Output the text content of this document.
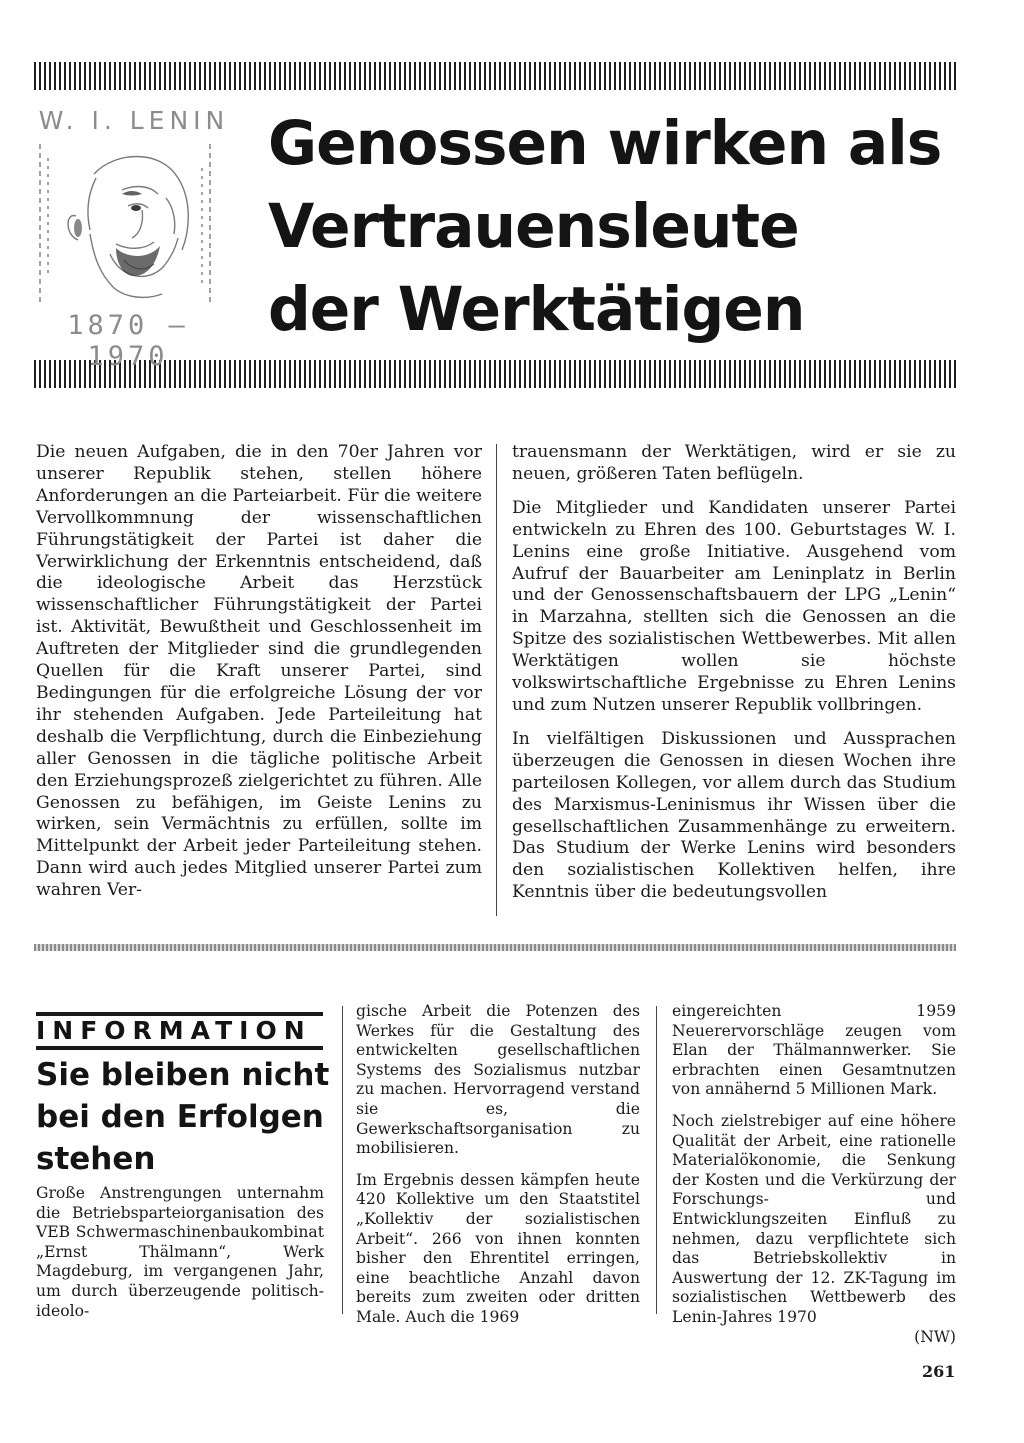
W. I. LENIN
1870 – 1970
Genossen wirken als
Vertrauensleute
der Werktätigen

Die neuen Aufgaben, die in den 70er Jahren vor unserer Republik stehen, stellen höhere Anforderungen an die Parteiarbeit. Für die weitere Vervollkommnung der wissenschaftlichen Führungstätigkeit der Partei ist daher die Verwirklichung der Erkenntnis entscheidend, daß die ideologische Arbeit das Herzstück wissenschaftlicher Führungstätigkeit der Partei ist. Aktivität, Bewußtheit und Geschlossenheit im Auftreten der Mitglieder sind die grundlegenden Quellen für die Kraft unserer Partei, sind Bedingungen für die erfolgreiche Lösung der vor ihr stehenden Aufgaben. Jede Parteileitung hat deshalb die Verpflichtung, durch die Einbeziehung aller Genossen in die tägliche politische Arbeit den Erziehungsprozeß zielgerichtet zu führen. Alle Genossen zu befähigen, im Geiste Lenins zu wirken, sein Vermächtnis zu erfüllen, sollte im Mittelpunkt der Arbeit jeder Parteileitung stehen. Dann wird auch jedes Mitglied unserer Partei zum wahren Ver-

trauensmann der Werktätigen, wird er sie zu neuen, größeren Taten beflügeln.

Die Mitglieder und Kandidaten unserer Partei entwickeln zu Ehren des 100. Geburtstages W. I. Lenins eine große Initiative. Ausgehend vom Aufruf der Bauarbeiter am Leninplatz in Berlin und der Genossenschaftsbauern der LPG „Lenin“ in Marzahna, stellten sich die Genossen an die Spitze des sozialistischen Wettbewerbes. Mit allen Werktätigen wollen sie höchste volkswirtschaftliche Ergebnisse zu Ehren Lenins und zum Nutzen unserer Republik vollbringen.

In vielfältigen Diskussionen und Aussprachen überzeugen die Genossen in diesen Wochen ihre parteilosen Kollegen, vor allem durch das Studium des Marxismus-Leninismus ihr Wissen über die gesellschaftlichen Zusammenhänge zu erweitern. Das Studium der Werke Lenins wird besonders den sozialistischen Kollektiven helfen, ihre Kenntnis über die bedeutungsvollen

INFORMATION
Sie bleiben nicht bei den Erfolgen stehen

Große Anstrengungen unternahm die Betriebsparteiorganisation des VEB Schwermaschinenbaukombinat „Ernst Thälmann“, Werk Magdeburg, im vergangenen Jahr, um durch überzeugende politisch-ideolo-

gische Arbeit die Potenzen des Werkes für die Gestaltung des entwickelten gesellschaftlichen Systems des Sozialismus nutzbar zu machen. Hervorragend verstand sie es, die Gewerkschaftsorganisation zu mobilisieren.

Im Ergebnis dessen kämpfen heute 420 Kollektive um den Staatstitel „Kollektiv der sozialistischen Arbeit“. 266 von ihnen konnten bisher den Ehrentitel erringen, eine beachtliche Anzahl davon bereits zum zweiten oder dritten Male. Auch die 1969

eingereichten 1959 Neuerervorschläge zeugen vom Elan der Thälmannwerker. Sie erbrachten einen Gesamtnutzen von annähernd 5 Millionen Mark.

Noch zielstrebiger auf eine höhere Qualität der Arbeit, eine rationelle Materialökonomie, die Senkung der Kosten und die Verkürzung der Forschungs- und Entwicklungszeiten Einfluß zu nehmen, dazu verpflichtete sich das Betriebskollektiv in Auswertung der 12. ZK-Tagung im sozialistischen Wettbewerb des Lenin-Jahres 1970

(NW)
261
